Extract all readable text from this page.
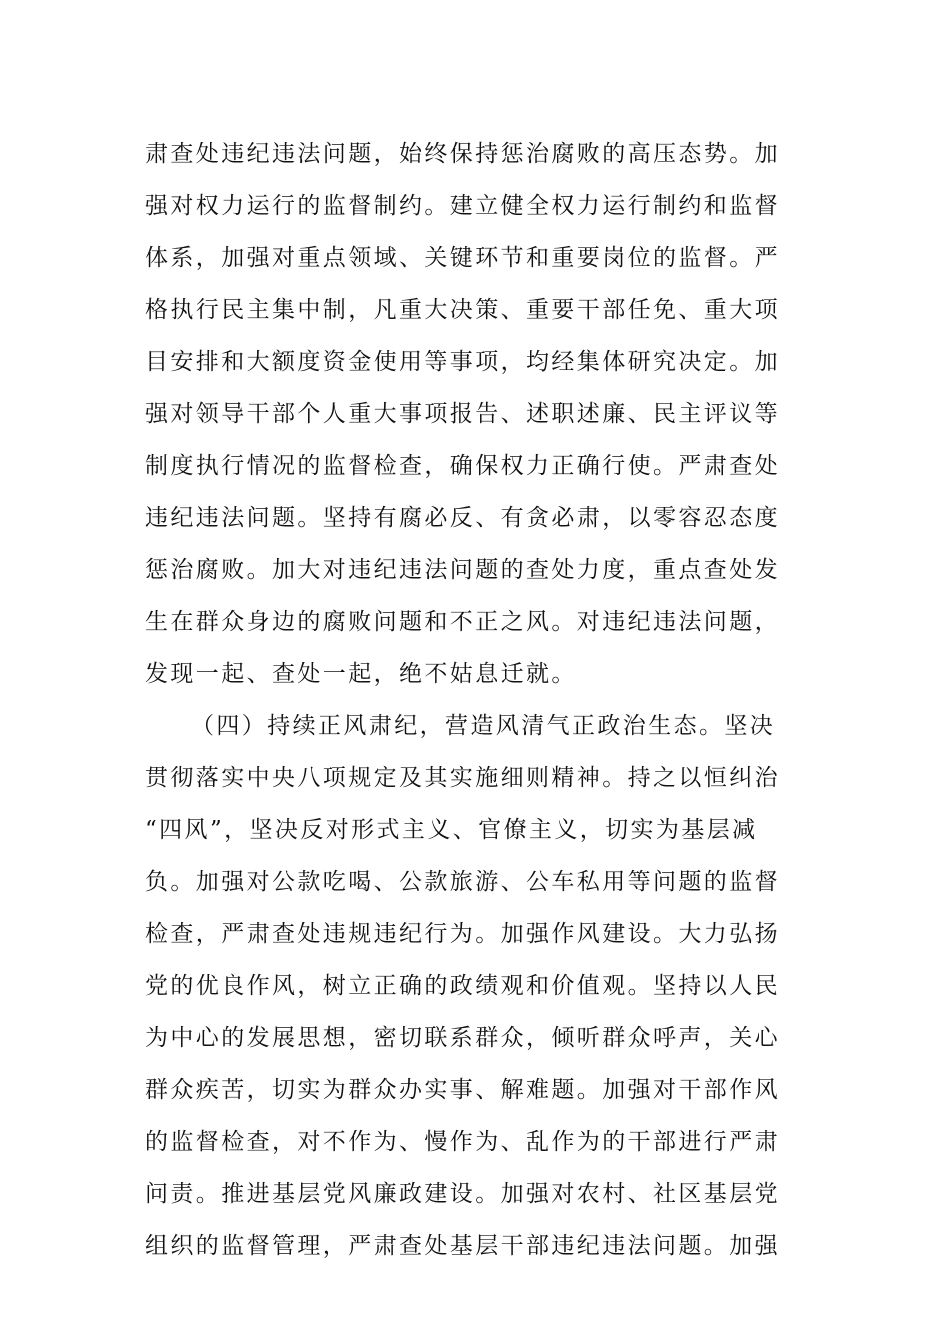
肃查处违纪违法问题，始终保持惩治腐败的高压态势。加
强对权力运行的监督制约。建立健全权力运行制约和监督
体系，加强对重点领域、关键环节和重要岗位的监督。严
格执行民主集中制，凡重大决策、重要干部任免、重大项
目安排和大额度资金使用等事项，均经集体研究决定。加
强对领导干部个人重大事项报告、述职述廉、民主评议等
制度执行情况的监督检查，确保权力正确行使。严肃查处
违纪违法问题。坚持有腐必反、有贪必肃，以零容忍态度
惩治腐败。加大对违纪违法问题的查处力度，重点查处发
生在群众身边的腐败问题和不正之风。对违纪违法问题，
发现一起、查处一起，绝不姑息迁就。
（四）持续正风肃纪，营造风清气正政治生态。坚决
贯彻落实中央八项规定及其实施细则精神。持之以恒纠治
“四风”，坚决反对形式主义、官僚主义，切实为基层减
负。加强对公款吃喝、公款旅游、公车私用等问题的监督
检查，严肃查处违规违纪行为。加强作风建设。大力弘扬
党的优良作风，树立正确的政绩观和价值观。坚持以人民
为中心的发展思想，密切联系群众，倾听群众呼声，关心
群众疾苦，切实为群众办实事、解难题。加强对干部作风
的监督检查，对不作为、慢作为、乱作为的干部进行严肃
问责。推进基层党风廉政建设。加强对农村、社区基层党
组织的监督管理，严肃查处基层干部违纪违法问题。加强
